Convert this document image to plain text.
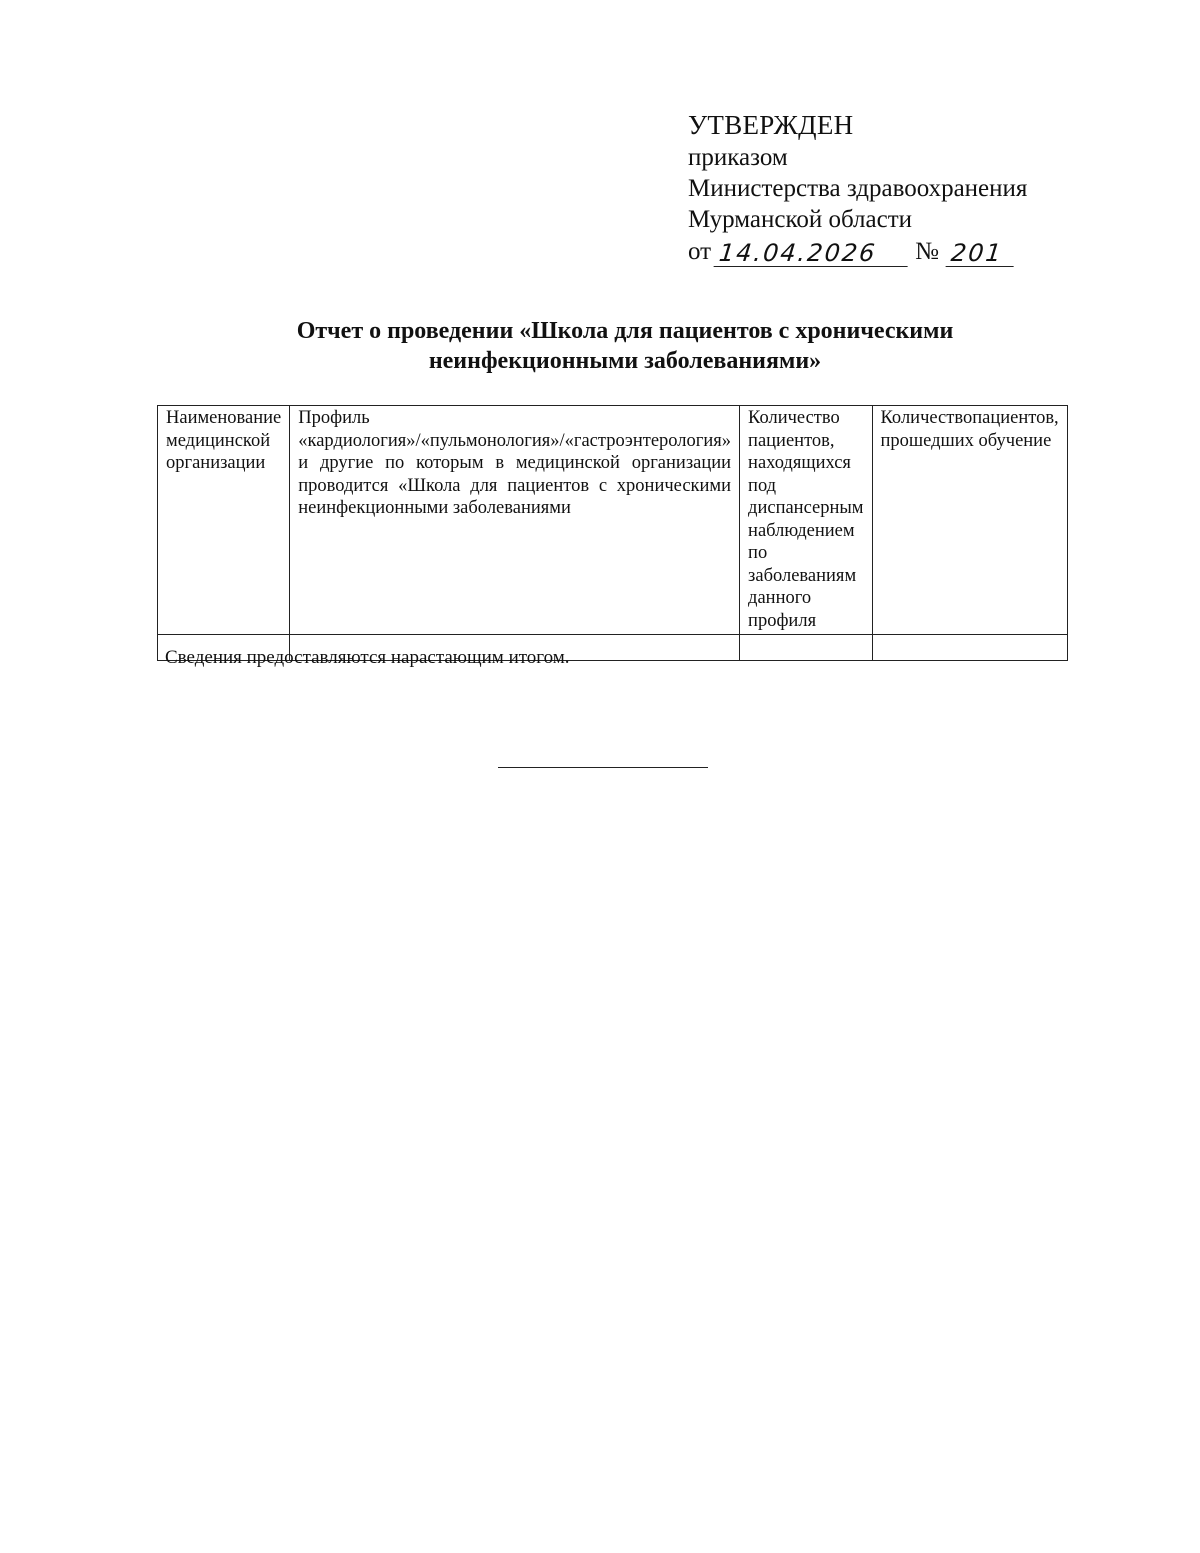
УТВЕРЖДЕН
приказом
Министерства здравоохранения
Мурманской области
от 14.04.2026	№ 201
Отчет о проведении «Школа для пациентов с хроническими
неинфекционными заболеваниями»
Наименование медицинской организации	Профиль «кардиология»/«пульмонология»/«гастроэнтерология» и другие по которым в медицинской организации проводится «Школа для пациентов с хроническими неинфекционными заболеваниями	Количество пациентов, находящихся под диспансерным наблюдением по заболеваниям данного профиля	Количество пациентов,
прошедших обучение

Сведения предоставляются нарастающим итогом.
